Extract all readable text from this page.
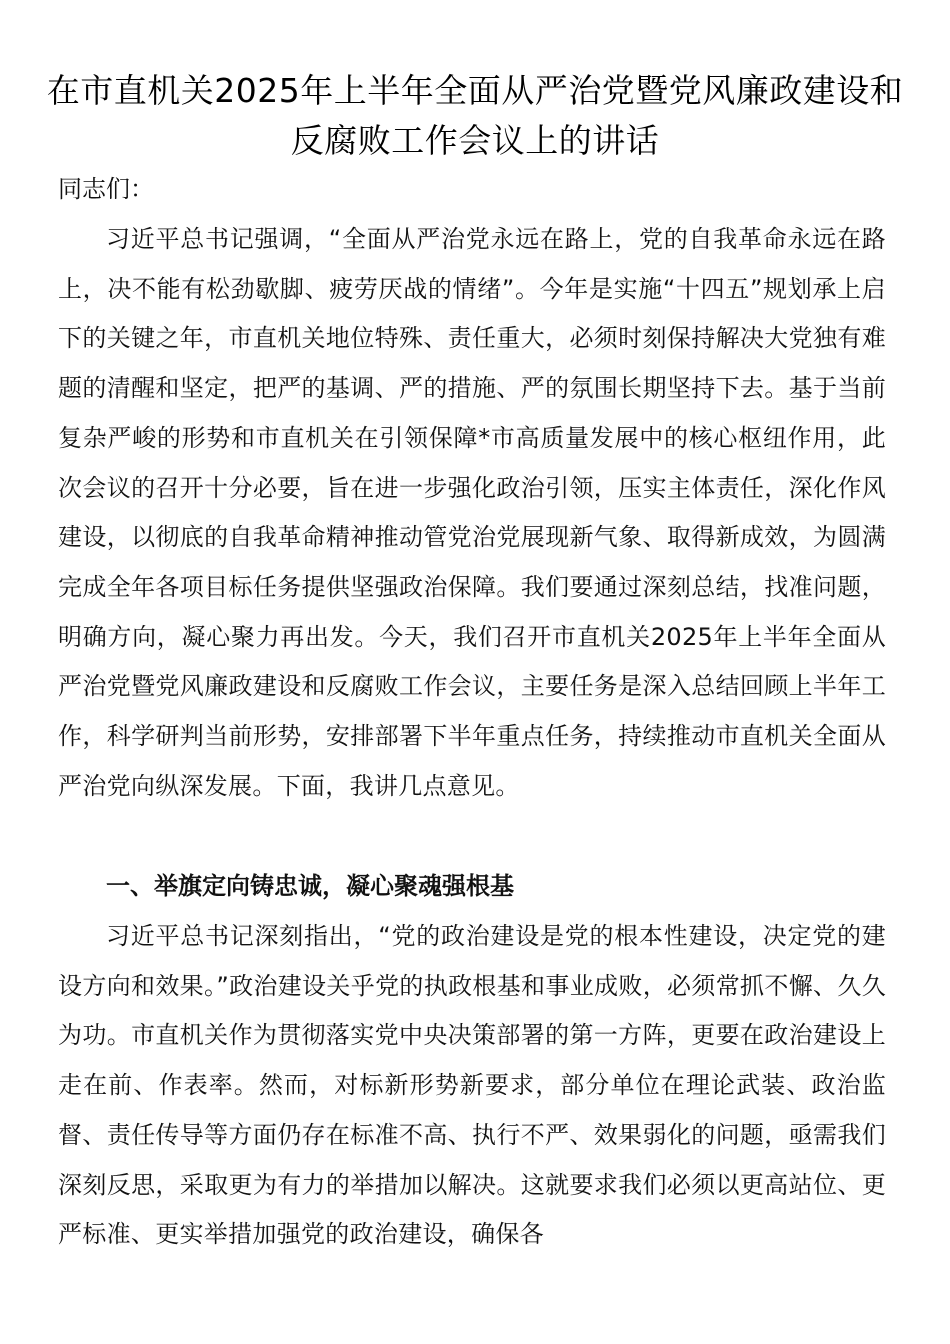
在市直机关2025年上半年全面从严治党暨党风廉政建设和反腐败工作会议上的讲话

同志们：

习近平总书记强调，“全面从严治党永远在路上，党的自我革命永远在路上，决不能有松劲歇脚、疲劳厌战的情绪”。今年是实施“十四五”规划承上启下的关键之年，市直机关地位特殊、责任重大，必须时刻保持解决大党独有难题的清醒和坚定，把严的基调、严的措施、严的氛围长期坚持下去。基于当前复杂严峻的形势和市直机关在引领保障*市高质量发展中的核心枢纽作用，此次会议的召开十分必要，旨在进一步强化政治引领，压实主体责任，深化作风建设，以彻底的自我革命精神推动管党治党展现新气象、取得新成效，为圆满完成全年各项目标任务提供坚强政治保障。我们要通过深刻总结，找准问题，明确方向，凝心聚力再出发。今天，我们召开市直机关2025年上半年全面从严治党暨党风廉政建设和反腐败工作会议，主要任务是深入总结回顾上半年工作，科学研判当前形势，安排部署下半年重点任务，持续推动市直机关全面从严治党向纵深发展。下面，我讲几点意见。

一、举旗定向铸忠诚，凝心聚魂强根基

习近平总书记深刻指出，“党的政治建设是党的根本性建设，决定党的建设方向和效果。”政治建设关乎党的执政根基和事业成败，必须常抓不懈、久久为功。市直机关作为贯彻落实党中央决策部署的第一方阵，更要在政治建设上走在前、作表率。然而，对标新形势新要求，部分单位在理论武装、政治监督、责任传导等方面仍存在标准不高、执行不严、效果弱化的问题，亟需我们深刻反思，采取更为有力的举措加以解决。这就要求我们必须以更高站位、更严标准、更实举措加强党的政治建设，确保各
